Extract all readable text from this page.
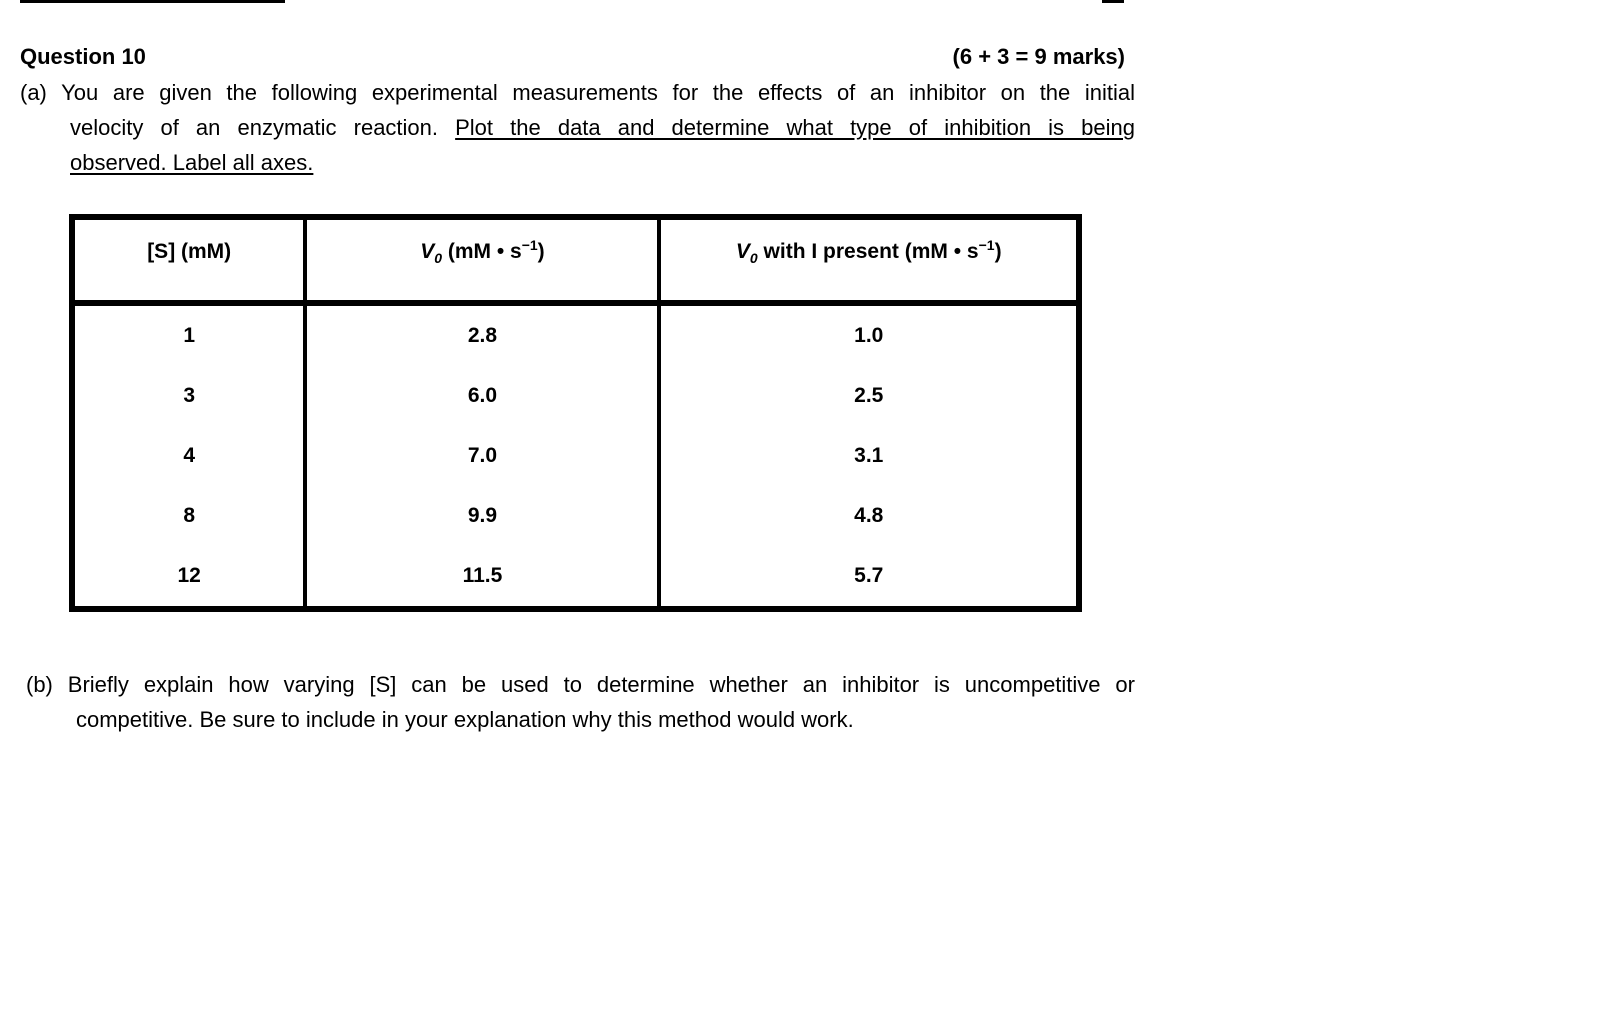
Question 10	(6 + 3 = 9 marks)
(a) You are given the following experimental measurements for the effects of an inhibitor on the initial
velocity of an enzymatic reaction. Plot the data and determine what type of inhibition is being
observed. Label all axes.
[S] (mM)	$V_0$ (mM • $s^{-1}$)	$V_0$ with I present (mM • $s^{-1}$)
1	2.8	1.0
3	6.0	2.5
4	7.0	3.1
8	9.9	4.8
12	11.5	5.7
(b) Briefly explain how varying [S] can be used to determine whether an inhibitor is uncompetitive or
competitive. Be sure to include in your explanation why this method would work.
